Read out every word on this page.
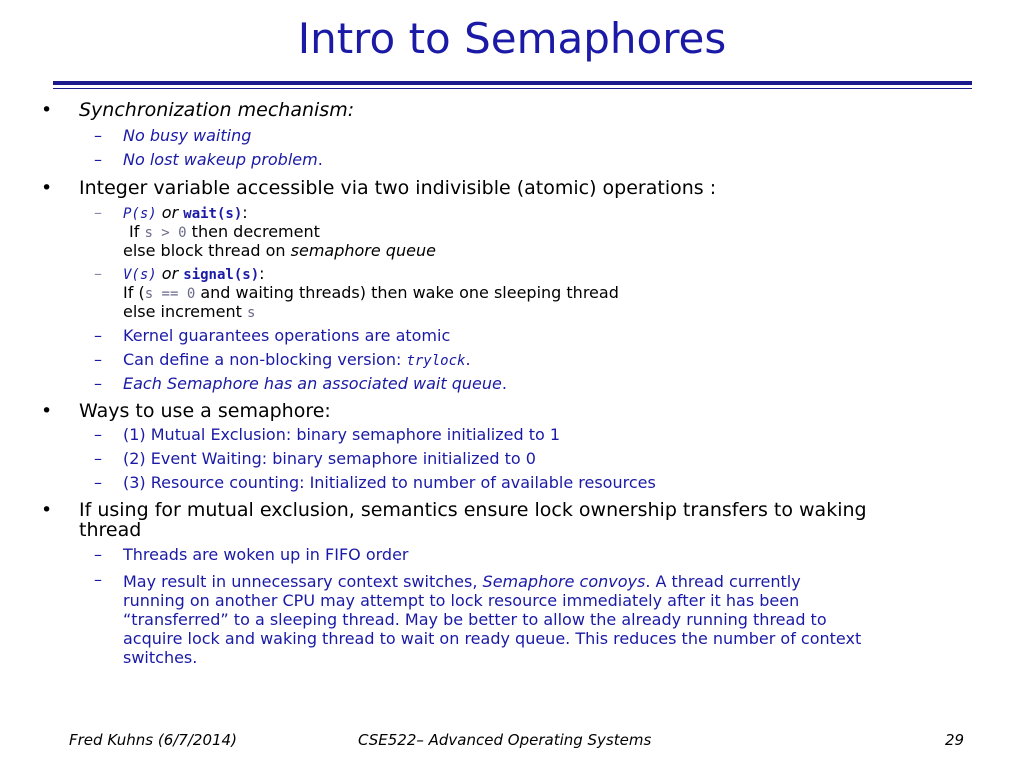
Intro to Semaphores
• Synchronization mechanism:
– No busy waiting
– No lost wakeup problem.
• Integer variable accessible via two indivisible (atomic) operations :
– P(s) or wait(s):
If s > 0 then decrement
else block thread on semaphore queue
– V(s) or signal(s):
If (s == 0 and waiting threads) then wake one sleeping thread
else increment s
– Kernel guarantees operations are atomic
– Can define a non-blocking version: trylock.
– Each Semaphore has an associated wait queue.
• Ways to use a semaphore:
– (1) Mutual Exclusion: binary semaphore initialized to 1
– (2) Event Waiting: binary semaphore initialized to 0
– (3) Resource counting: Initialized to number of available resources
• If using for mutual exclusion, semantics ensure lock ownership transfers to waking
thread
– Threads are woken up in FIFO order
– May result in unnecessary context switches, Semaphore convoys. A thread currently
running on another CPU may attempt to lock resource immediately after it has been
“transferred” to a sleeping thread. May be better to allow the already running thread to
acquire lock and waking thread to wait on ready queue. This reduces the number of context
switches.
Fred Kuhns (6/7/2014)	CSE522– Advanced Operating Systems	29
